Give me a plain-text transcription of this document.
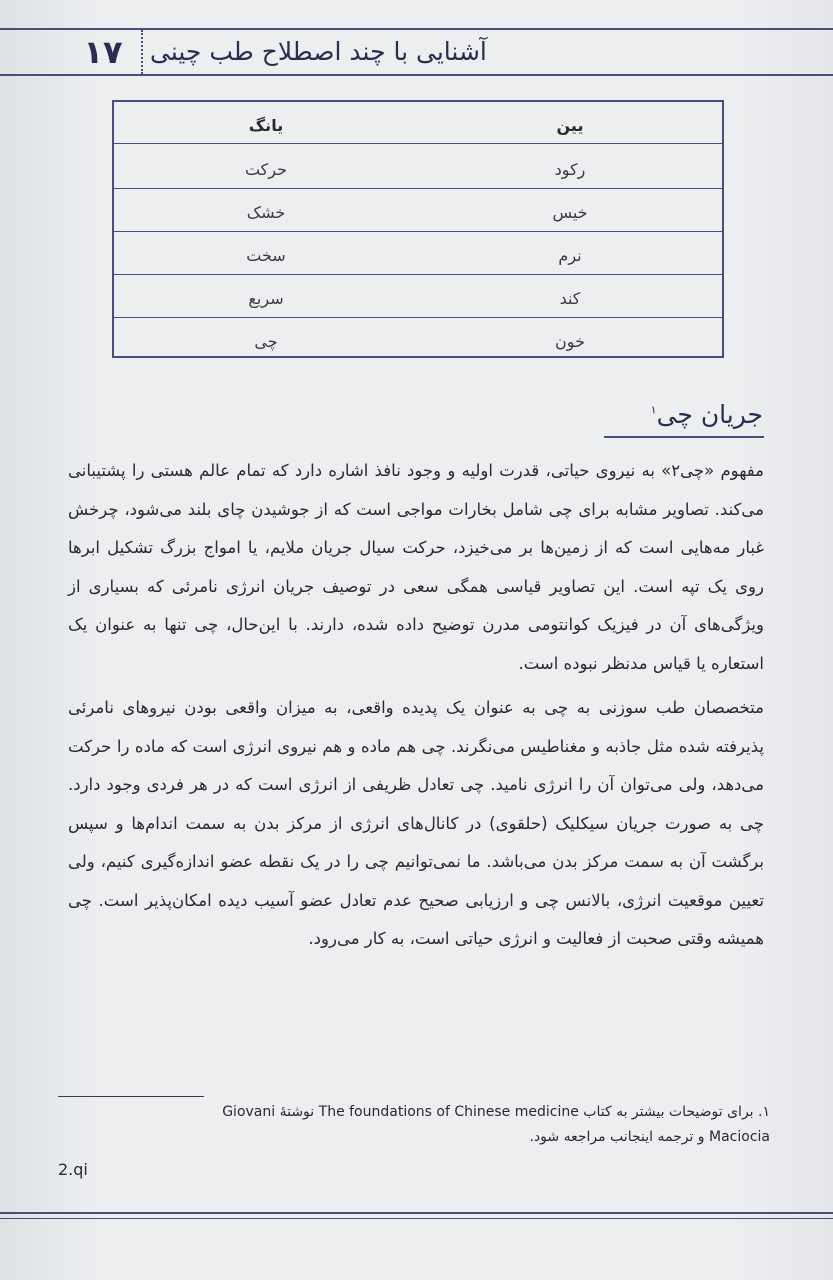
۱۷	آشنایی با چند اصطلاح طب چینی
یین
یانگ
رکود
حرکت
خیس
خشک
نرم
سخت
کند
سریع
خون
چی
جریان چی$^۱$

مفهوم «چی۲» به نیروی حیاتی، قدرت اولیه و وجود نافذ اشاره دارد که تمام عالم هستی را پشتیبانی می‌کند. تصاویر مشابه برای چی شامل بخارات مواجی است که از جوشیدن چای بلند می‌شود، چرخش غبار مه‌هایی است که از زمین‌ها بر می‌خیزد، حرکت سیال جریان ملایم، یا امواج بزرگ تشکیل ابرها روی یک تپه است. این تصاویر قیاسی همگی سعی در توصیف جریان انرژی نامرئی که بسیاری از ویژگی‌های آن در فیزیک کوانتومی مدرن توضیح داده شده، دارند. با این‌حال، چی تنها به عنوان یک استعاره یا قیاس مدنظر نبوده است.

متخصصان طب سوزنی به چی به عنوان یک پدیده واقعی، به میزان واقعی بودن نیروهای نامرئی پذیرفته شده مثل جاذبه و مغناطیس می‌نگرند. چی هم ماده و هم نیروی انرژی است که ماده را حرکت می‌دهد، ولی می‌توان آن را انرژی نامید. چی تعادل ظریفی از انرژی است که در هر فردی وجود دارد. چی به صورت جریان سیکلیک (حلقوی) در کانال‌های انرژی از مرکز بدن به سمت اندام‌ها و سپس برگشت آن به سمت مرکز بدن می‌باشد. ما نمی‌توانیم چی را در یک نقطه عضو اندازه‌گیری کنیم، ولی تعیین موقعیت انرژی، بالانس چی و ارزیابی صحیح عدم تعادل عضو آسیب دیده امکان‌پذیر است. چی همیشه وقتی صحبت از فعالیت و انرژی حیاتی است، به کار می‌رود.

۱. برای توضیحات بیشتر به کتاب The foundations of Chinese medicine نوشتهٔ Giovani
Maciocia و ترجمه اینجانب مراجعه شود.
2.qi
